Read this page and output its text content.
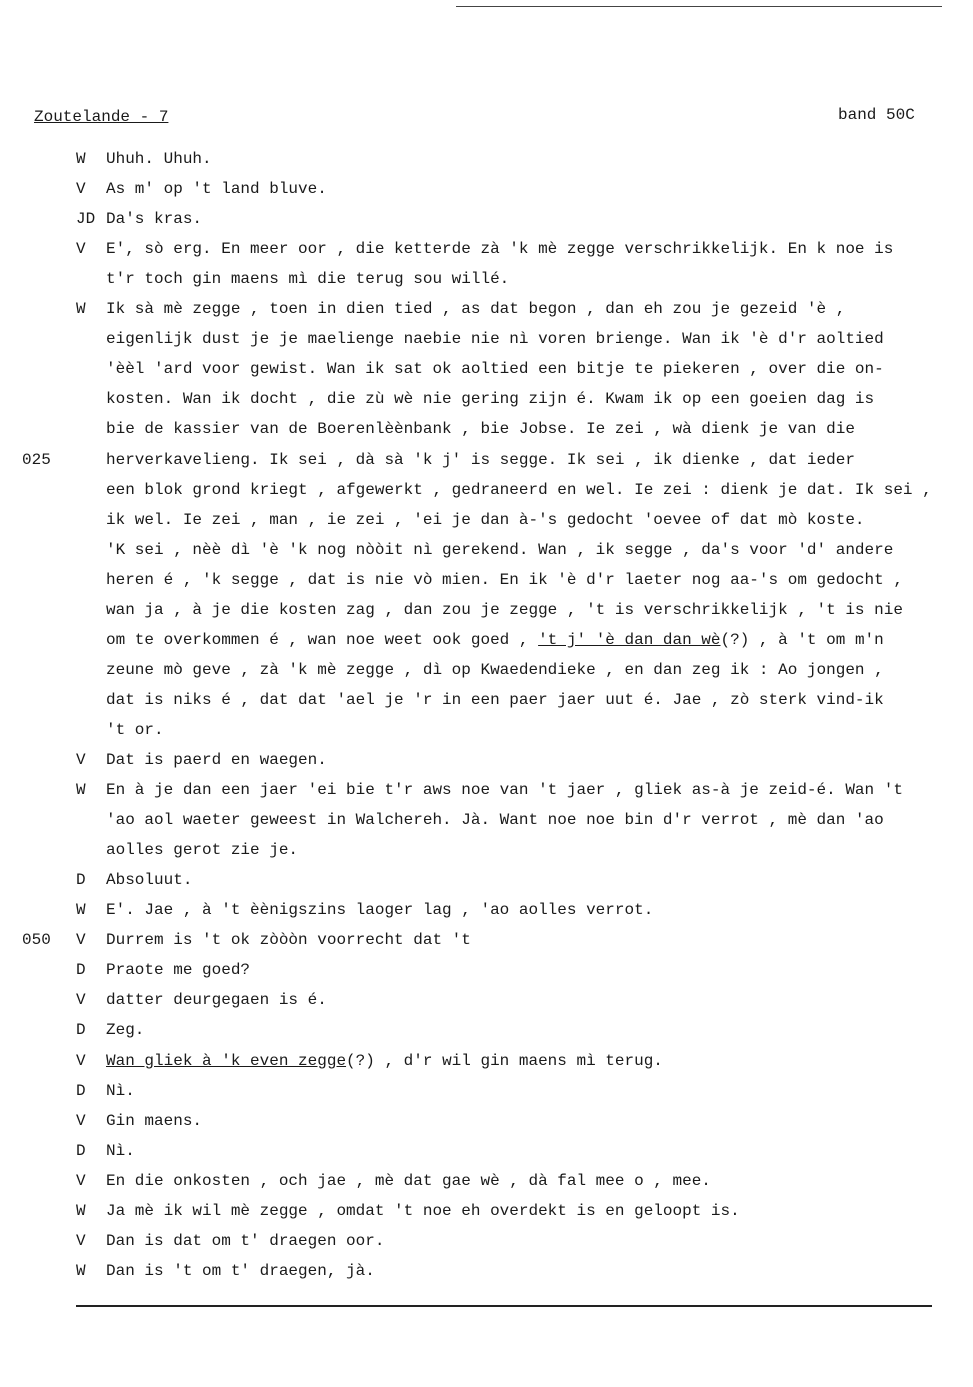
Zoutelande - 7	band 50C
W Uhuh. Uhuh.
V As m' op 't land bluve.
JD Da's kras.
V E', sò erg. En meer oor , die ketterde zà 'k mè zegge verschrikkelijk. En k noe is
t'r toch gin maens mì die terug sou willé.
W Ik sà mè zegge , toen in dien tied , as dat begon , dan eh zou je gezeid 'è ,
eigenlijk dust je je maelienge naebie nie nì voren brienge. Wan ik 'è d'r aoltied
'èèl 'ard voor gewist. Wan ik sat ok aoltied een bitje te piekeren , over die on-
kosten. Wan ik docht , die zù wè nie gering zijn é. Kwam ik op een goeien dag is
bie de kassier van de Boerenlèènbank , bie Jobse. Ie zei , wà dienk je van die
025	herverkavelieng. Ik sei , dà sà 'k j' is segge. Ik sei , ik dienke , dat ieder
een blok grond kriegt , afgewerkt , gedraneerd en wel. Ie zei : dienk je dat. Ik sei ,
ik wel. Ie zei , man , ie zei , 'ei je dan à-'s gedocht 'oevee of dat mò koste.
'K sei , nèè dì 'è 'k nog nòòit nì gerekend. Wan , ik segge , da's voor 'd' andere
heren é , 'k segge , dat is nie vò mien. En ik 'è d'r laeter nog aa-'s om gedocht ,
wan ja , à je die kosten zag , dan zou je zegge , 't is verschrikkelijk , 't is nie
om te overkommen é , wan noe weet ook goed , 't j' 'è dan dan wè(?) , à 't om m'n
zeune mò geve , zà 'k mè zegge , dì op Kwaedendieke , en dan zeg ik : Ao jongen ,
dat is niks é , dat dat 'ael je 'r in een paer jaer uut é. Jae , zò sterk vind-ik
't or.
V Dat is paerd en waegen.
W En à je dan een jaer 'ei bie t'r aws noe van 't jaer , gliek as-à je zeid-é. Wan 't
'ao aol waeter geweest in Walchereh. Jà. Want noe noe bin d'r verrot , mè dan 'ao
aolles gerot zie je.
D Absoluut.
W E'. Jae , à 't èènigszins laoger lag , 'ao aolles verrot.
050 V Durrem is 't ok zòòòn voorrecht dat 't
D Praote me goed?
V datter deurgegaen is é.
D Zeg.
V Wan gliek à 'k even zegge(?) , d'r wil gin maens mì terug.
D Nì.
V Gin maens.
D Nì.
V En die onkosten , och jae , mè dat gae wè , dà fal mee o , mee.
W Ja mè ik wil mè zegge , omdat 't noe eh overdekt is en geloopt is.
V Dan is dat om t' draegen oor.
W Dan is 't om t' draegen, jà.
